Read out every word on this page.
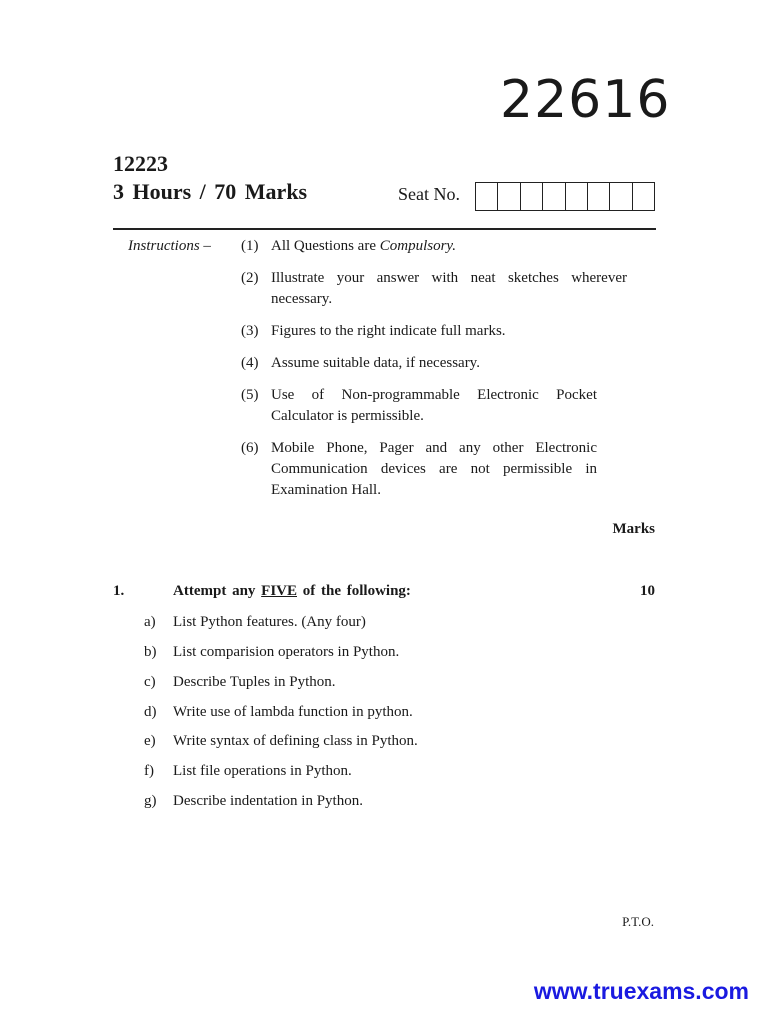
22616
12223
3 Hours / 70 Marks	Seat No.
Instructions – (1) All Questions are Compulsory.
(2) Illustrate your answer with neat sketches wherever necessary.
(3) Figures to the right indicate full marks.
(4) Assume suitable data, if necessary.
(5) Use of Non-programmable Electronic Pocket Calculator is permissible.
(6) Mobile Phone, Pager and any other Electronic Communication devices are not permissible in Examination Hall.
Marks
1.	Attempt any FIVE of the following:	10
a)	List Python features. (Any four)
b)	List comparision operators in Python.
c)	Describe Tuples in Python.
d)	Write use of lambda function in python.
e)	Write syntax of defining class in Python.
f)	List file operations in Python.
g)	Describe indentation in Python.
P.T.O.
www.truexams.com
